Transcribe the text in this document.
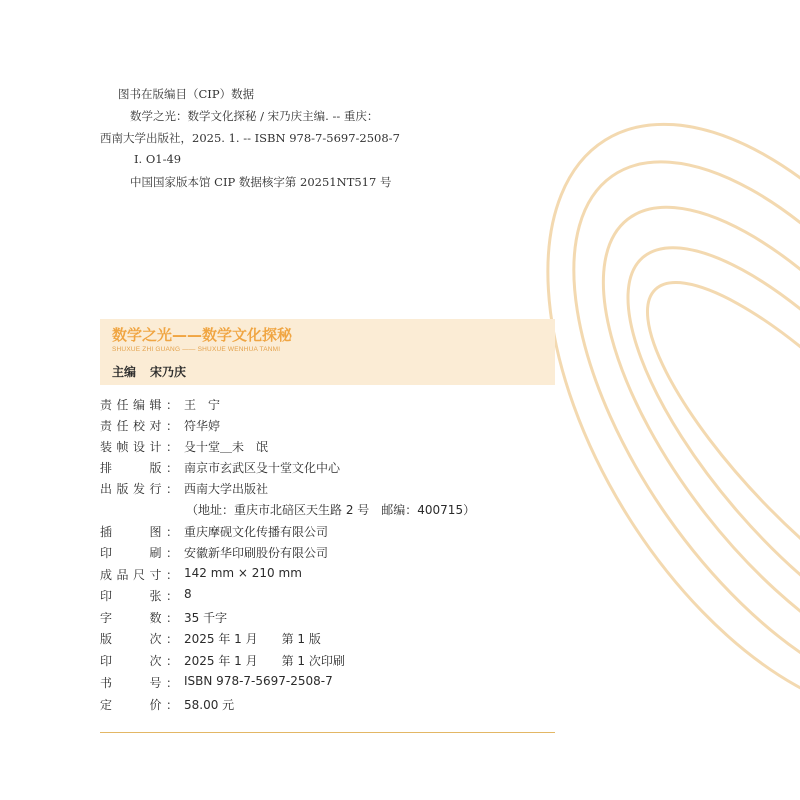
图书在版编目（CIP）数据
数学之光：数学文化探秘 / 宋乃庆主编. -- 重庆：
西南大学出版社，2025. 1. -- ISBN 978-7-5697-2508-7
Ⅰ. O1-49
中国国家版本馆 CIP 数据核字第 20251NT517 号
数学之光——数学文化探秘
SHUXUE ZHI GUANG —— SHUXUE WENHUA TANMI
主编 宋乃庆
责任编辑： 王　宁
责任校对： 符华婷
装帧设计： 殳十堂＿未　氓
排　　版： 南京市玄武区殳十堂文化中心
出版发行： 西南大学出版社
（地址：重庆市北碚区天生路 2 号　邮编：400715）
插　　图： 重庆摩砚文化传播有限公司
印　　刷： 安徽新华印刷股份有限公司
成品尺寸： 142 mm × 210 mm
印　　张： 8
字　　数： 35 千字
版　　次： 2025 年 1 月　　第 1 版
印　　次： 2025 年 1 月　　第 1 次印刷
书　　号： ISBN 978-7-5697-2508-7
定　　价： 58.00 元
